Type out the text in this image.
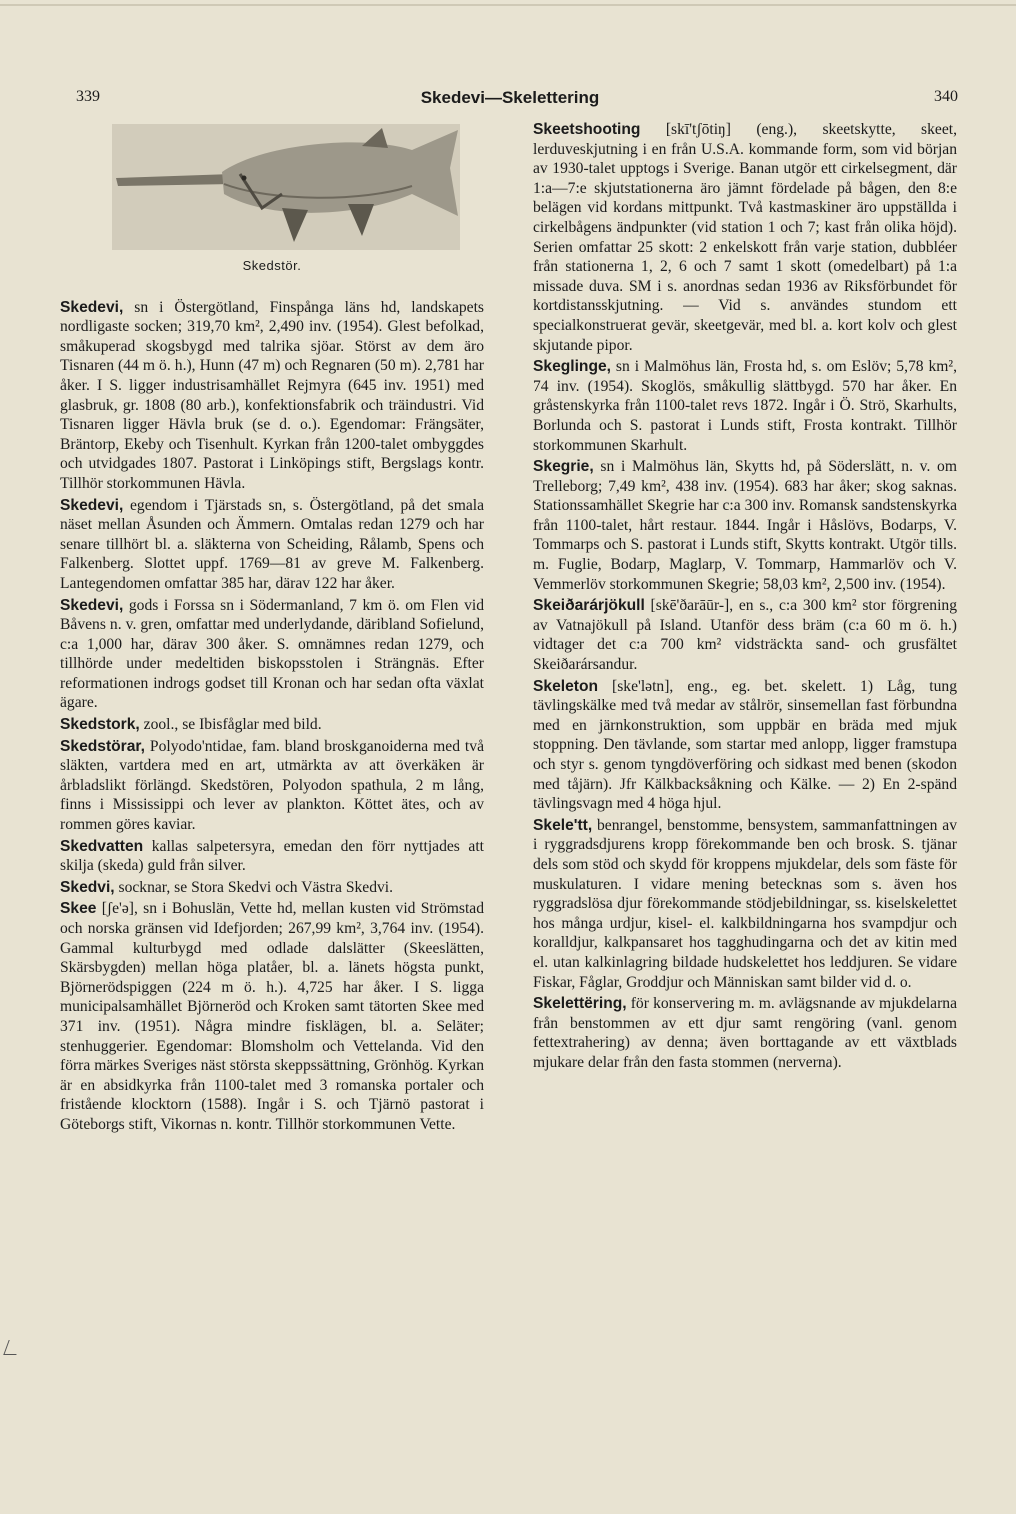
339	Skedevi—Skelettering	340
Skedstör.

Skedevi, sn i Östergötland, Finspånga läns hd, landskapets nordligaste socken; 319,70 km², 2,490 inv. (1954). Glest befolkad, småkuperad skogsbygd med talrika sjöar. Störst av dem äro Tisnaren (44 m ö. h.), Hunn (47 m) och Regnaren (50 m). 2,781 har åker. I S. ligger industrisamhället Rejmyra (645 inv. 1951) med glasbruk, gr. 1808 (80 arb.), konfektionsfabrik och träindustri. Vid Tisnaren ligger Hävla bruk (se d. o.). Egendomar: Frängsäter, Bräntorp, Ekeby och Tisenhult. Kyrkan från 1200-talet ombyggdes och utvidgades 1807. Pastorat i Linköpings stift, Bergslags kontr. Tillhör storkommunen Hävla.

Skedevi, egendom i Tjärstads sn, s. Östergötland, på det smala näset mellan Åsunden och Ämmern. Omtalas redan 1279 och har senare tillhört bl. a. släkterna von Scheiding, Rålamb, Spens och Falkenberg. Slottet uppf. 1769—81 av greve M. Falkenberg. Lantegendomen omfattar 385 har, därav 122 har åker.

Skedevi, gods i Forssa sn i Södermanland, 7 km ö. om Flen vid Båvens n. v. gren, omfattar med underlydande, däribland Sofielund, c:a 1,000 har, därav 300 åker. S. omnämnes redan 1279, och tillhörde under medeltiden biskopsstolen i Strängnäs. Efter reformationen indrogs godset till Kronan och har sedan ofta växlat ägare.

Skedstork, zool., se Ibisfåglar med bild.

Skedstörar, Polyodo'ntidae, fam. bland broskganoiderna med två släkten, vartdera med en art, utmärkta av att överkäken är årbladslikt förlängd. Skedstören, Polyodon spathula, 2 m lång, finns i Mississippi och lever av plankton. Köttet ätes, och av rommen göres kaviar.

Skedvatten kallas salpetersyra, emedan den förr nyttjades att skilja (skeda) guld från silver.

Skedvi, socknar, se Stora Skedvi och Västra Skedvi.

Skee [ʃe'ə], sn i Bohuslän, Vette hd, mellan kusten vid Strömstad och norska gränsen vid Idefjorden; 267,99 km², 3,764 inv. (1954). Gammal kulturbygd med odlade dalslätter (Skeeslätten, Skärsbygden) mellan höga platåer, bl. a. länets högsta punkt, Björnerödspiggen (224 m ö. h.). 4,725 har åker. I S. ligga municipalsamhället Björneröd och Kroken samt tätorten Skee med 371 inv. (1951). Några mindre fisklägen, bl. a. Seläter; stenhuggerier. Egendomar: Blomsholm och Vettelanda. Vid den förra märkes Sveriges näst största skeppssättning, Grönhög. Kyrkan är en absidkyrka från 1100-talet med 3 romanska portaler och fristående klocktorn (1588). Ingår i S. och Tjärnö pastorat i Göteborgs stift, Vikornas n. kontr. Tillhör storkommunen Vette.

Skeetshooting [skī'tʃōtiŋ] (eng.), skeetskytte, skeet, lerduveskjutning i en från U.S.A. kommande form, som vid början av 1930-talet upptogs i Sverige. Banan utgör ett cirkelsegment, där 1:a—7:e skjutstationerna äro jämnt fördelade på bågen, den 8:e belägen vid kordans mittpunkt. Två kastmaskiner äro uppställda i cirkelbågens ändpunkter (vid station 1 och 7; kast från olika höjd). Serien omfattar 25 skott: 2 enkelskott från varje station, dubbléer från stationerna 1, 2, 6 och 7 samt 1 skott (omedelbart) på 1:a missade duva. SM i s. anordnas sedan 1936 av Riksförbundet för kortdistansskjutning. — Vid s. användes stundom ett specialkonstruerat gevär, skeetgevär, med bl. a. kort kolv och glest skjutande pipor.

Skeglinge, sn i Malmöhus län, Frosta hd, s. om Eslöv; 5,78 km², 74 inv. (1954). Skoglös, småkullig slättbygd. 570 har åker. En gråstenskyrka från 1100-talet revs 1872. Ingår i Ö. Strö, Skarhults, Borlunda och S. pastorat i Lunds stift, Frosta kontrakt. Tillhör storkommunen Skarhult.

Skegrie, sn i Malmöhus län, Skytts hd, på Söderslätt, n. v. om Trelleborg; 7,49 km², 438 inv. (1954). 683 har åker; skog saknas. Stationssamhället Skegrie har c:a 300 inv. Romansk sandstenskyrka från 1100-talet, hårt restaur. 1844. Ingår i Håslövs, Bodarps, V. Tommarps och S. pastorat i Lunds stift, Skytts kontrakt. Utgör tills. m. Fuglie, Bodarp, Maglarp, V. Tommarp, Hammarlöv och V. Vemmerlöv storkommunen Skegrie; 58,03 km², 2,500 inv. (1954).

Skeiðarárjökull [skē'ðarāūr-], en s., c:a 300 km² stor förgrening av Vatnajökull på Island. Utanför dess bräm (c:a 60 m ö. h.) vidtager det c:a 700 km² vidsträckta sand- och grusfältet Skeiðarársandur.

Skeleton [ske'lətn], eng., eg. bet. skelett. 1) Låg, tung tävlingskälke med två medar av stålrör, sinsemellan fast förbundna med en järnkonstruktion, som uppbär en bräda med mjuk stoppning. Den tävlande, som startar med anlopp, ligger framstupa och styr s. genom tyngdöverföring och sidkast med benen (skodon med tåjärn). Jfr Kälkbacksåkning och Kälke. — 2) En 2-spänd tävlingsvagn med 4 höga hjul.

Skele'tt, benrangel, benstomme, bensystem, sammanfattningen av i ryggradsdjurens kropp förekommande ben och brosk. S. tjänar dels som stöd och skydd för kroppens mjukdelar, dels som fäste för muskulaturen. I vidare mening betecknas som s. även hos ryggradslösa djur förekommande stödjebildningar, ss. kiselskelettet hos många urdjur, kisel- el. kalkbildningarna hos svampdjur och koralldjur, kalkpansaret hos tagghudingarna och det av kitin med el. utan kalkinlagring bildade hudskelettet hos leddjuren. Se vidare Fiskar, Fåglar, Groddjur och Människan samt bilder vid d. o.

Skelettëring, för konservering m. m. avlägsnande av mjukdelarna från benstommen av ett djur samt rengöring (vanl. genom fettextrahering) av denna; även borttagande av ett växtblads mjukare delar från den fasta stommen (nerverna).
